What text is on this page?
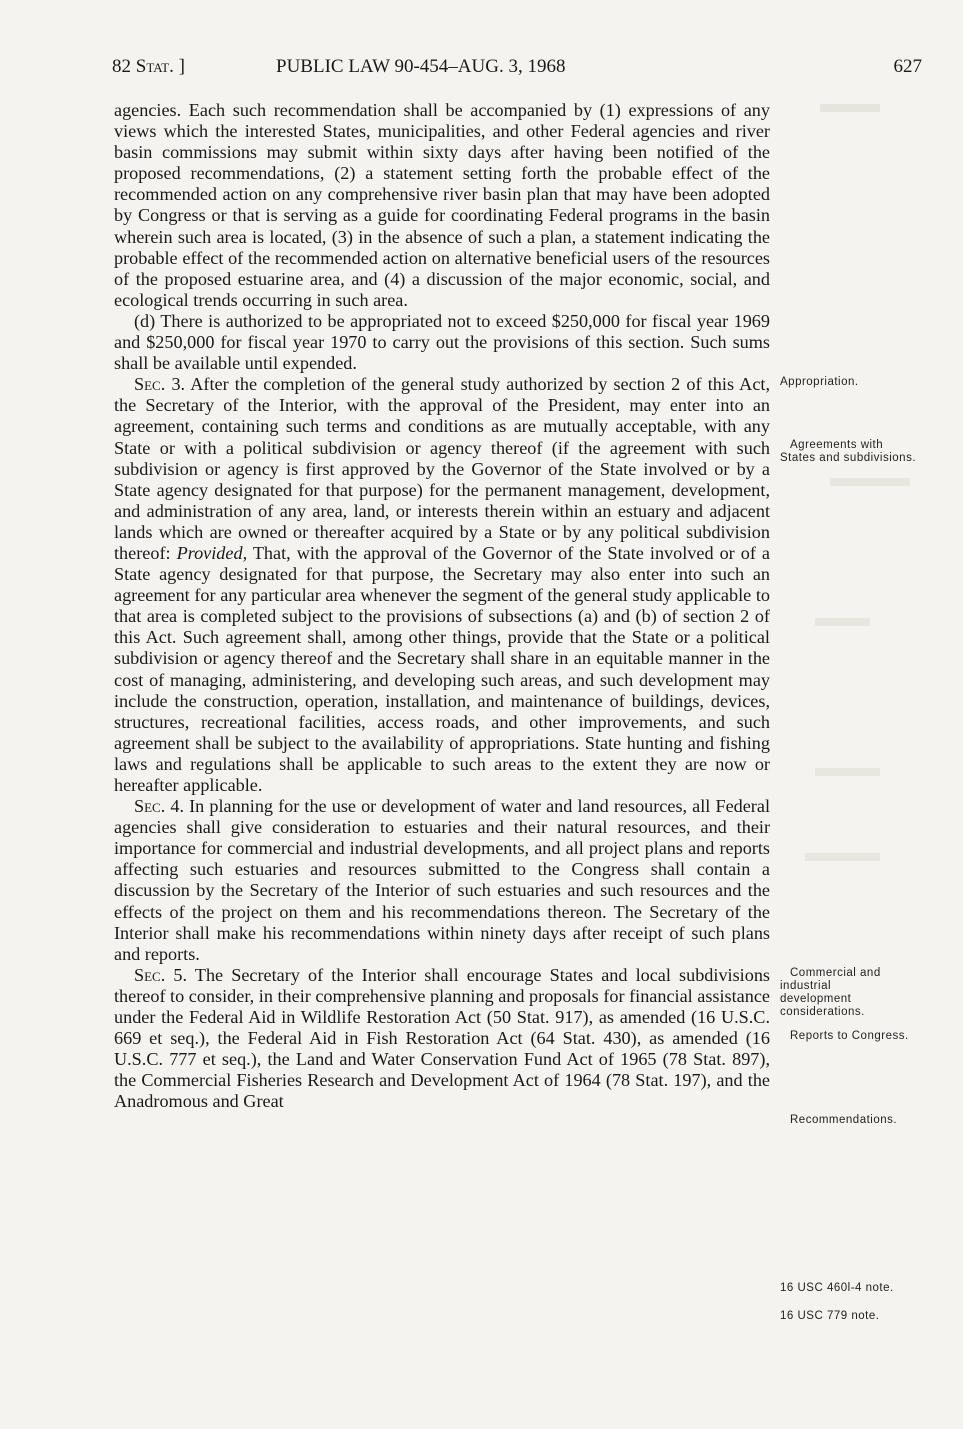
82 Stat. ]	PUBLIC LAW 90-454–AUG. 3, 1968	627

agencies. Each such recommendation shall be accompanied by (1) expressions of any views which the interested States, municipalities, and other Federal agencies and river basin commissions may submit within sixty days after having been notified of the proposed recommendations, (2) a statement setting forth the probable effect of the recommended action on any comprehensive river basin plan that may have been adopted by Congress or that is serving as a guide for coordinating Federal programs in the basin wherein such area is located, (3) in the absence of such a plan, a statement indicating the probable effect of the recommended action on alternative beneficial users of the resources of the proposed estuarine area, and (4) a discussion of the major economic, social, and ecological trends occurring in such area.

(d) There is authorized to be appropriated not to exceed $250,000 for fiscal year 1969 and $250,000 for fiscal year 1970 to carry out the provisions of this section. Such sums shall be available until expended.

Sec. 3. After the completion of the general study authorized by section 2 of this Act, the Secretary of the Interior, with the approval of the President, may enter into an agreement, containing such terms and conditions as are mutually acceptable, with any State or with a political subdivision or agency thereof (if the agreement with such subdivision or agency is first approved by the Governor of the State involved or by a State agency designated for that purpose) for the permanent management, development, and administration of any area, land, or interests therein within an estuary and adjacent lands which are owned or thereafter acquired by a State or by any political subdivision thereof: Provided, That, with the approval of the Governor of the State involved or of a State agency designated for that purpose, the Secretary may also enter into such an agreement for any particular area whenever the segment of the general study applicable to that area is completed subject to the provisions of subsections (a) and (b) of section 2 of this Act. Such agreement shall, among other things, provide that the State or a political subdivision or agency thereof and the Secretary shall share in an equitable manner in the cost of managing, administering, and developing such areas, and such development may include the construction, operation, installation, and maintenance of buildings, devices, structures, recreational facilities, access roads, and other improvements, and such agreement shall be subject to the availability of appropriations. State hunting and fishing laws and regulations shall be applicable to such areas to the extent they are now or hereafter applicable.

Sec. 4. In planning for the use or development of water and land resources, all Federal agencies shall give consideration to estuaries and their natural resources, and their importance for commercial and industrial developments, and all project plans and reports affecting such estuaries and resources submitted to the Congress shall contain a discussion by the Secretary of the Interior of such estuaries and such resources and the effects of the project on them and his recommendations thereon. The Secretary of the Interior shall make his recommendations within ninety days after receipt of such plans and reports.

Sec. 5. The Secretary of the Interior shall encourage States and local subdivisions thereof to consider, in their comprehensive planning and proposals for financial assistance under the Federal Aid in Wildlife Restoration Act (50 Stat. 917), as amended (16 U.S.C. 669 et seq.), the Federal Aid in Fish Restoration Act (64 Stat. 430), as amended (16 U.S.C. 777 et seq.), the Land and Water Conservation Fund Act of 1965 (78 Stat. 897), the Commercial Fisheries Research and Development Act of 1964 (78 Stat. 197), and the Anadromous and Great

Appropriation.
Agreements with States and subdivisions.
Commercial and industrial development considerations.
Reports to Congress.
Recommendations.
16 USC 460l-4 note.
16 USC 779 note.
